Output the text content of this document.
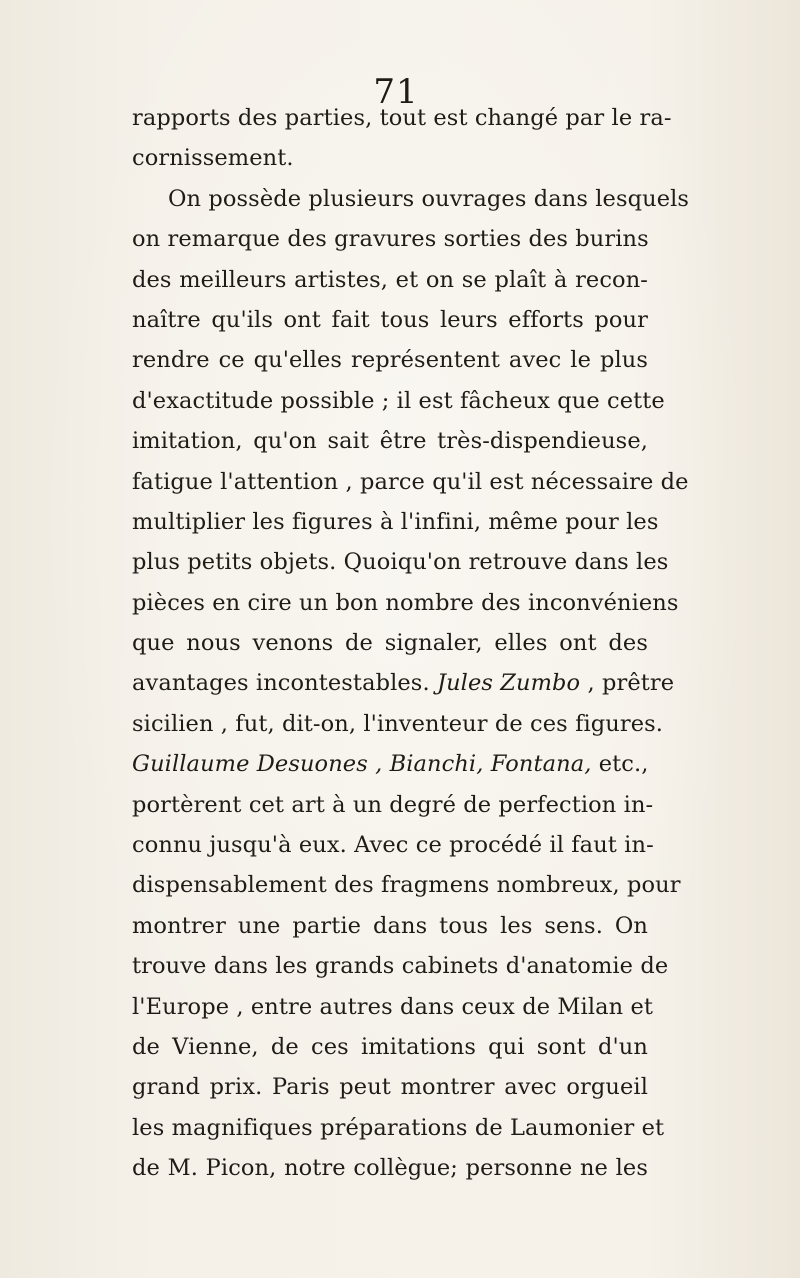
71
rapports des parties, tout est changé par le ra-
cornissement.
On possède plusieurs ouvrages dans lesquels
on remarque des gravures sorties des burins
des meilleurs artistes, et on se plaît à recon-
naître qu'ils ont fait tous leurs efforts pour
rendre ce qu'elles représentent avec le plus
d'exactitude possible ; il est fâcheux que cette
imitation, qu'on sait être très-dispendieuse,
fatigue l'attention , parce qu'il est nécessaire de
multiplier les figures à l'infini, même pour les
plus petits objets. Quoiqu'on retrouve dans les
pièces en cire un bon nombre des inconvéniens
que nous venons de signaler, elles ont des
avantages incontestables. Jules Zumbo , prêtre
sicilien , fut, dit-on, l'inventeur de ces figures.
Guillaume Desuones , Bianchi, Fontana, etc.,
portèrent cet art à un degré de perfection in-
connu jusqu'à eux. Avec ce procédé il faut in-
dispensablement des fragmens nombreux, pour
montrer une partie dans tous les sens. On
trouve dans les grands cabinets d'anatomie de
l'Europe , entre autres dans ceux de Milan et
de Vienne, de ces imitations qui sont d'un
grand prix. Paris peut montrer avec orgueil
les magnifiques préparations de Laumonier et
de M. Picon, notre collègue; personne ne les
